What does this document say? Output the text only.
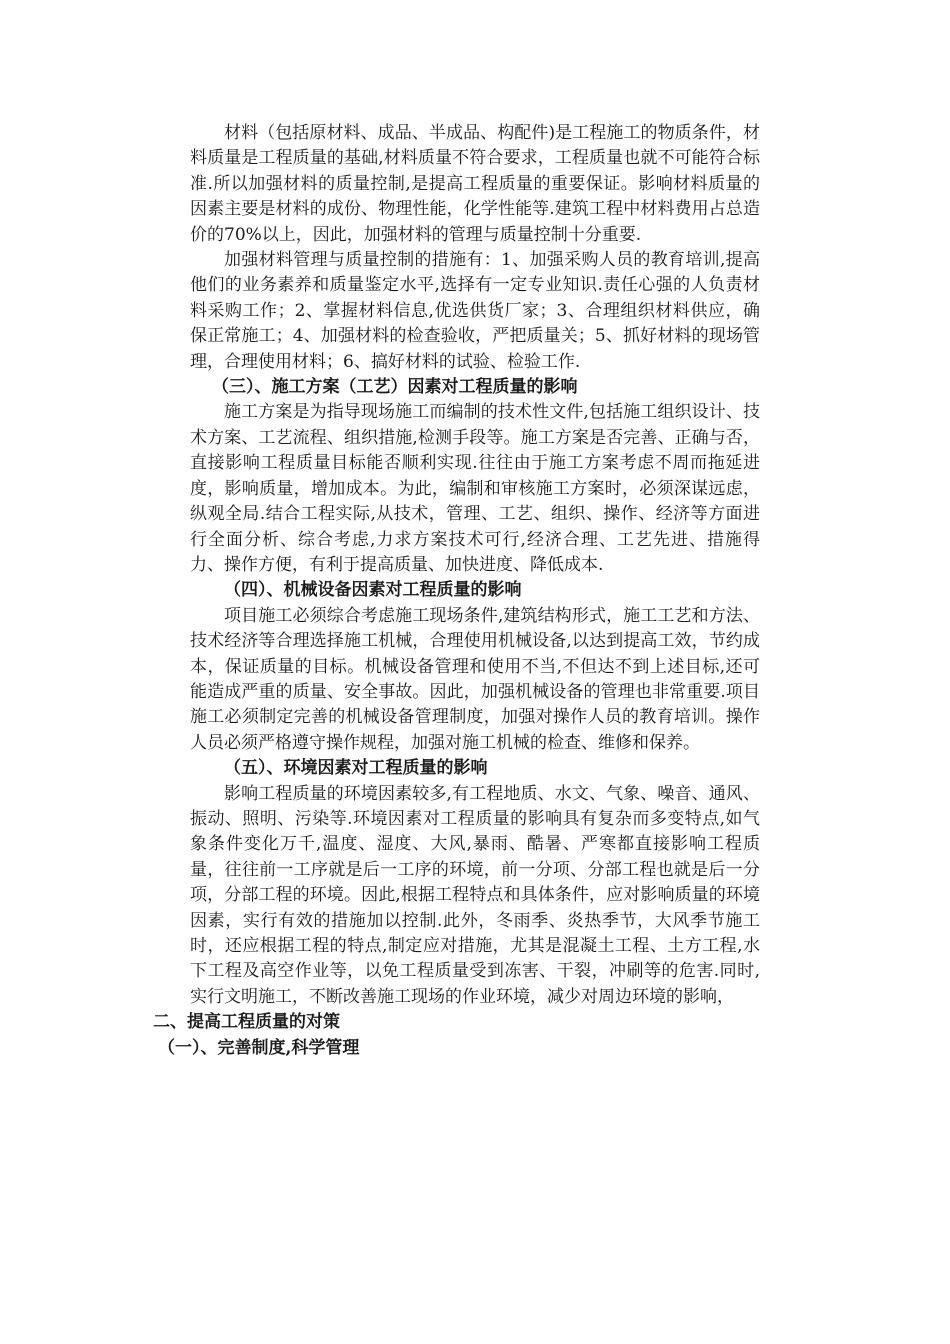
材料（包括原材料、成品、半成品、构配件)是工程施工的物质条件，材料质量是工程质量的基础,材料质量不符合要求，工程质量也就不可能符合标准.所以加强材料的质量控制,是提高工程质量的重要保证。影响材料质量的因素主要是材料的成份、物理性能，化学性能等.建筑工程中材料费用占总造价的70%以上，因此，加强材料的管理与质量控制十分重要.

加强材料管理与质量控制的措施有：1、加强采购人员的教育培训,提高他们的业务素养和质量鉴定水平,选择有一定专业知识.责任心强的人负责材料采购工作；2、掌握材料信息,优选供货厂家；3、合理组织材料供应，确保正常施工；4、加强材料的检查验收，严把质量关；5、抓好材料的现场管理，合理使用材料；6、搞好材料的试验、检验工作.

（三）、施工方案（工艺）因素对工程质量的影响

施工方案是为指导现场施工而编制的技术性文件,包括施工组织设计、技术方案、工艺流程、组织措施,检测手段等。施工方案是否完善、正确与否，直接影响工程质量目标能否顺利实现.往往由于施工方案考虑不周而拖延进度，影响质量，增加成本。为此，编制和审核施工方案时，必须深谋远虑，纵观全局.结合工程实际,从技术，管理、工艺、组织、操作、经济等方面进行全面分析、综合考虑,力求方案技术可行,经济合理、工艺先进、措施得力、操作方便，有利于提高质量、加快进度、降低成本.

（四）、机械设备因素对工程质量的影响

项目施工必须综合考虑施工现场条件,建筑结构形式，施工工艺和方法、技术经济等合理选择施工机械，合理使用机械设备,以达到提高工效，节约成本，保证质量的目标。机械设备管理和使用不当,不但达不到上述目标,还可能造成严重的质量、安全事故。因此，加强机械设备的管理也非常重要.项目施工必须制定完善的机械设备管理制度，加强对操作人员的教育培训。操作人员必须严格遵守操作规程，加强对施工机械的检查、维修和保养。

（五）、环境因素对工程质量的影响

影响工程质量的环境因素较多,有工程地质、水文、气象、噪音、通风、振动、照明、污染等.环境因素对工程质量的影响具有复杂而多变特点,如气象条件变化万千,温度、湿度、大风,暴雨、酷暑、严寒都直接影响工程质量，往往前一工序就是后一工序的环境，前一分项、分部工程也就是后一分项，分部工程的环境。因此,根据工程特点和具体条件，应对影响质量的环境因素，实行有效的措施加以控制.此外，冬雨季、炎热季节，大风季节施工时，还应根据工程的特点,制定应对措施，尤其是混凝土工程、土方工程,水下工程及高空作业等，以免工程质量受到冻害、干裂，冲刷等的危害.同时,实行文明施工，不断改善施工现场的作业环境，减少对周边环境的影响，

二、提高工程质量的对策

（一）、完善制度,科学管理
